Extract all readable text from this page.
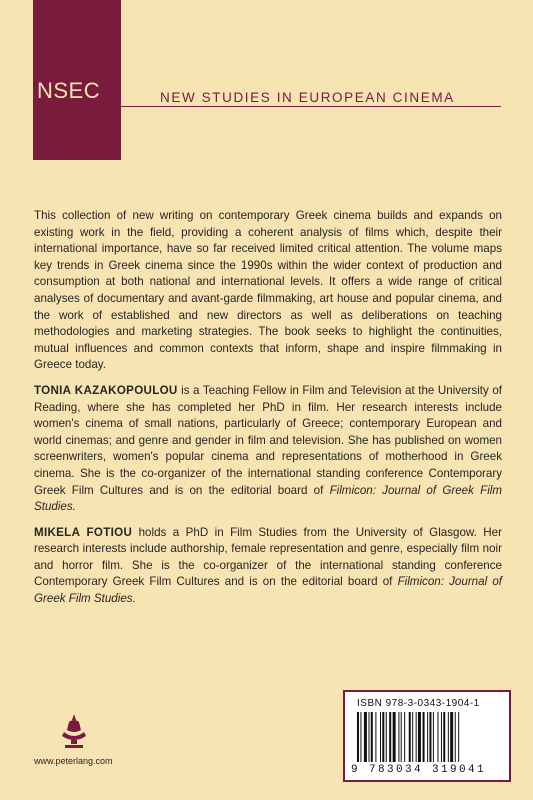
NSEC	NEW STUDIES IN EUROPEAN CINEMA

This collection of new writing on contemporary Greek cinema builds and expands on existing work in the field, providing a coherent analysis of films which, despite their international importance, have so far received limited critical attention. The volume maps key trends in Greek cinema since the 1990s within the wider context of production and consumption at both national and international levels. It offers a wide range of critical analyses of documentary and avant-garde filmmaking, art house and popular cinema, and the work of established and new directors as well as deliberations on teaching methodologies and marketing strategies. The book seeks to highlight the continuities, mutual influences and common contexts that inform, shape and inspire filmmaking in Greece today.

TONIA KAZAKOPOULOU is a Teaching Fellow in Film and Television at the University of Reading, where she has completed her PhD in film. Her research interests include women's cinema of small nations, particularly of Greece; contemporary European and world cinemas; and genre and gender in film and television. She has published on women screenwriters, women's popular cinema and representations of motherhood in Greek cinema. She is the co-organizer of the international standing conference Contemporary Greek Film Cultures and is on the editorial board of Filmicon: Journal of Greek Film Studies.

MIKELA FOTIOU holds a PhD in Film Studies from the University of Glasgow. Her research interests include authorship, female representation and genre, especially film noir and horror film. She is the co-organizer of the international standing conference Contemporary Greek Film Cultures and is on the editorial board of Filmicon: Journal of Greek Film Studies.

www.peterlang.com
ISBN 978-3-0343-1904-1
9 783034 319041
